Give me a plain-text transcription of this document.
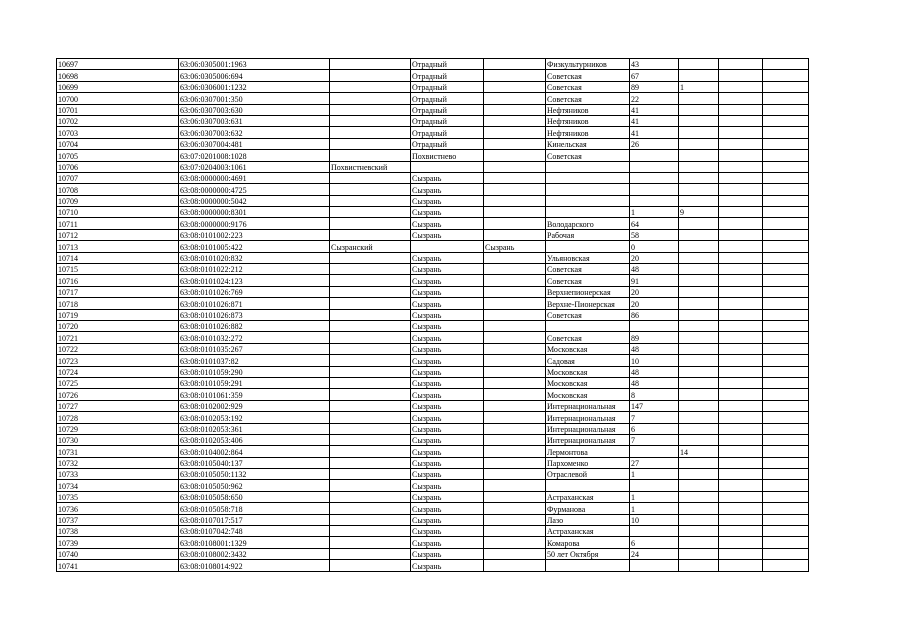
10697	63:06:0305001:1963		Отрадный		Физкультурников	43			
10698	63:06:0305006:694		Отрадный		Советская	67			
10699	63:06:0306001:1232		Отрадный		Советская	89	1		
10700	63:06:0307001:350		Отрадный		Советская	22			
10701	63:06:0307003:630		Отрадный		Нефтяников	41			
10702	63:06:0307003:631		Отрадный		Нефтяников	41			
10703	63:06:0307003:632		Отрадный		Нефтяников	41			
10704	63:06:0307004:481		Отрадный		Кинельская	26			
10705	63:07:0201008:1028		Похвистнево		Советская				
10706	63:07:0204003:1061	Похвистневский							
10707	63:08:0000000:4691		Сызрань						
10708	63:08:0000000:4725		Сызрань						
10709	63:08:0000000:5042		Сызрань						
10710	63:08:0000000:8301		Сызрань			1	9		
10711	63:08:0000000:9176		Сызрань		Володарского	64			
10712	63:08:0101002:223		Сызрань		Рабочая	58			
10713	63:08:0101005:422	Сызранский		Сызрань		0			
10714	63:08:0101020:832		Сызрань		Ульяновская	20			
10715	63:08:0101022:212		Сызрань		Советская	48			
10716	63:08:0101024:123		Сызрань		Советская	91			
10717	63:08:0101026:769		Сызрань		Верхнепионерская	20			
10718	63:08:0101026:871		Сызрань		Верхне-Пионерская	20			
10719	63:08:0101026:873		Сызрань		Советская	86			
10720	63:08:0101026:882		Сызрань						
10721	63:08:0101032:272		Сызрань		Советская	89			
10722	63:08:0101035:267		Сызрань		Московская	48			
10723	63:08:0101037:82		Сызрань		Садовая	10			
10724	63:08:0101059:290		Сызрань		Московская	48			
10725	63:08:0101059:291		Сызрань		Московская	48			
10726	63:08:0101061:359		Сызрань		Московская	8			
10727	63:08:0102002:929		Сызрань		Интернациональная	147			
10728	63:08:0102053:192		Сызрань		Интернациональная	7			
10729	63:08:0102053:361		Сызрань		Интернациональная	6			
10730	63:08:0102053:406		Сызрань		Интернациональная	7			
10731	63:08:0104002:864		Сызрань		Лермонтова		14		
10732	63:08:0105040:137		Сызрань		Пархоменко	27			
10733	63:08:0105050:1132		Сызрань		Отраслевой	1			
10734	63:08:0105050:962		Сызрань						
10735	63:08:0105058:650		Сызрань		Астраханская	1			
10736	63:08:0105058:718		Сызрань		Фурманова	1			
10737	63:08:0107017:517		Сызрань		Лазо	10			
10738	63:08:0107042:748		Сызрань		Астраханская				
10739	63:08:0108001:1329		Сызрань		Комарова	6			
10740	63:08:0108002:3432		Сызрань		50 лет Октября	24			
10741	63:08:0108014:922		Сызрань						
